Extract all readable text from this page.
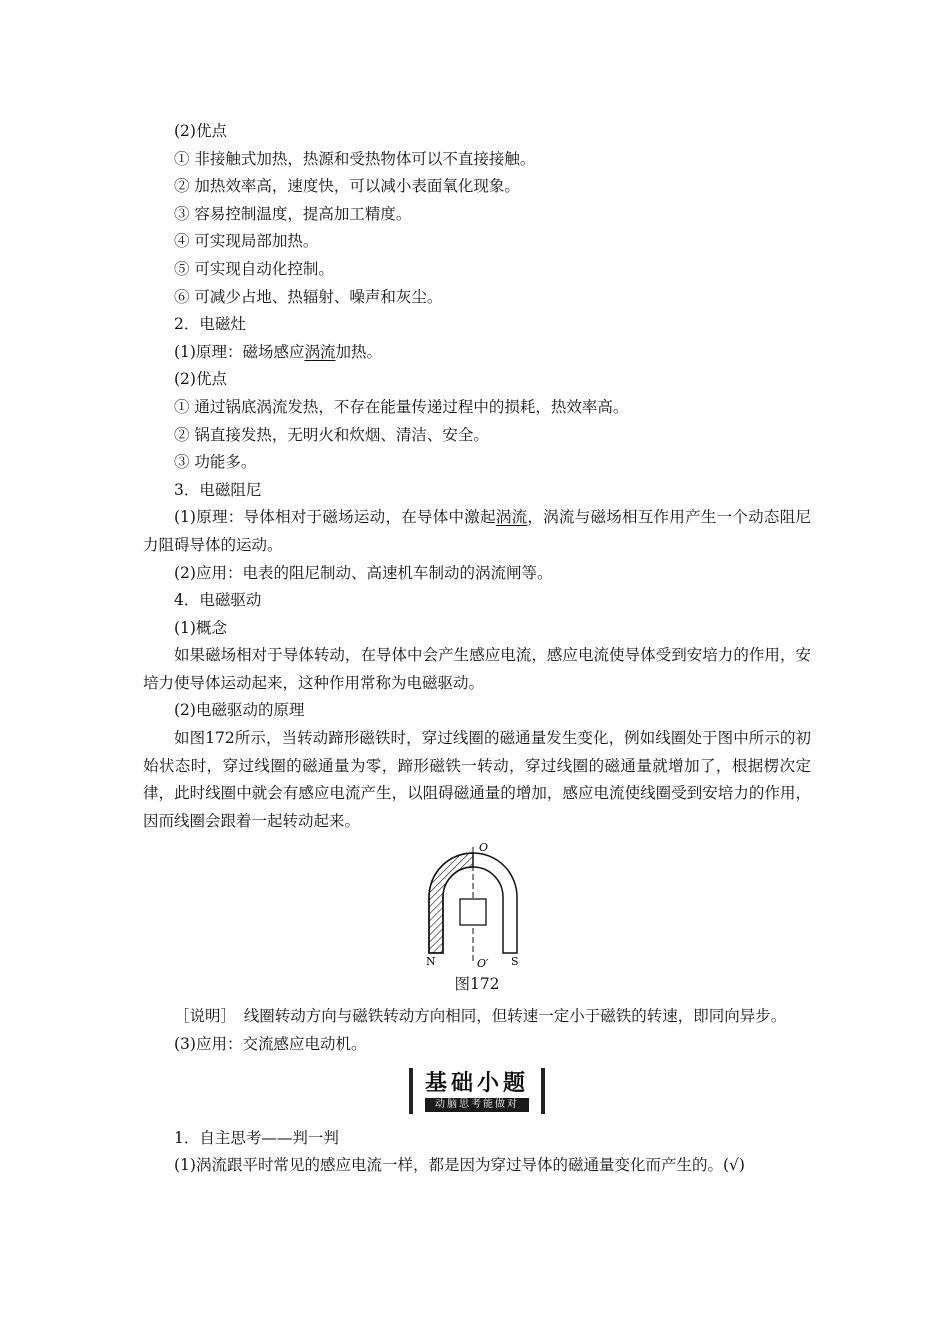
(2)优点

① 非接触式加热，热源和受热物体可以不直接接触。

② 加热效率高，速度快，可以减小表面氧化现象。

③ 容易控制温度，提高加工精度。

④ 可实现局部加热。

⑤ 可实现自动化控制。

⑥ 可减少占地、热辐射、噪声和灰尘。

2．电磁灶

(1)原理：磁场感应涡流加热。

(2)优点

① 通过锅底涡流发热，不存在能量传递过程中的损耗，热效率高。

② 锅直接发热，无明火和炊烟、清洁、安全。

③ 功能多。

3．电磁阻尼

(1)原理：导体相对于磁场运动，在导体中激起涡流，涡流与磁场相互作用产生一个动态阻尼力阻碍导体的运动。

(2)应用：电表的阻尼制动、高速机车制动的涡流闸等。

4．电磁驱动

(1)概念

如果磁场相对于导体转动，在导体中会产生感应电流，感应电流使导体受到安培力的作用，安培力使导体运动起来，这种作用常称为电磁驱动。

(2)电磁驱动的原理

如图172所示，当转动蹄形磁铁时，穿过线圈的磁通量发生变化，例如线圈处于图中所示的初始状态时，穿过线圈的磁通量为零，蹄形磁铁一转动，穿过线圈的磁通量就增加了，根据楞次定律，此时线圈中就会有感应电流产生，以阻碍磁通量的增加，感应电流使线圈受到安培力的作用，因而线圈会跟着一起转动起来。

O
N	O′ S
图172

［说明］　线圈转动方向与磁铁转动方向相同，但转速一定小于磁铁的转速，即同向异步。

(3)应用：交流感应电动机。

基础小题
动脑思考能做对

1．自主思考——判一判

(1)涡流跟平时常见的感应电流一样，都是因为穿过导体的磁通量变化而产生的。(√)
